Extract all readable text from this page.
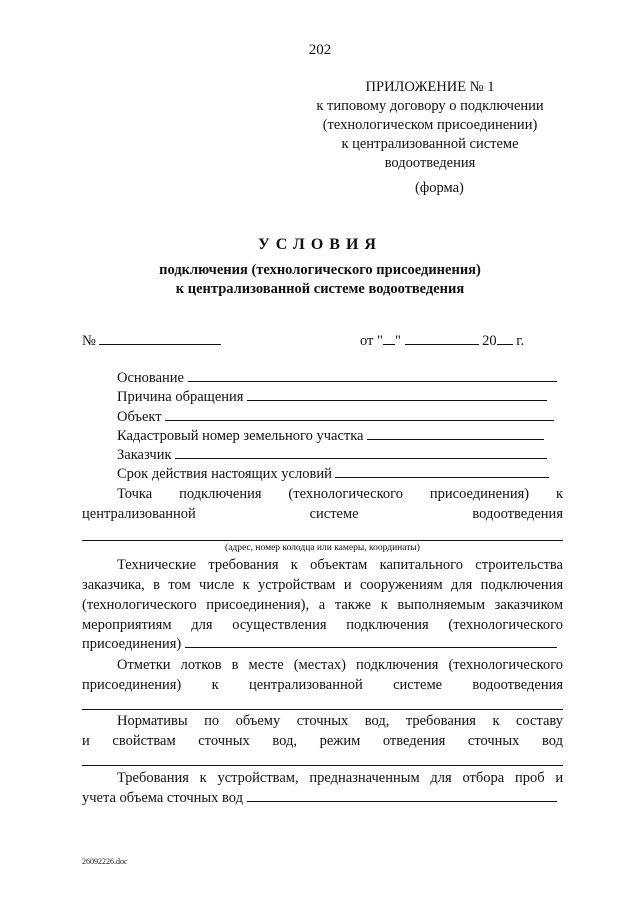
202
ПРИЛОЖЕНИЕ № 1
к типовому договору о подключении
(технологическом присоединении)
к централизованной системе
водоотведения
(форма)
УСЛОВИЯ
подключения (технологического присоединения)
к централизованной системе водоотведения
№	от " "	20 г.
Основание
Причина обращения
Объект
Кадастровый номер земельного участка
Заказчик
Срок действия настоящих условий
Точка подключения (технологического присоединения) к
централизованной	системе	водоотведения
(адрес, номер колодца или камеры, координаты)
Технические требования к объектам капитального строительства
заказчика, в том числе к устройствам и сооружениям для подключения
(технологического присоединения), а также к выполняемым заказчиком
мероприятиям для осуществления подключения (технологического
присоединения)
Отметки лотков в месте (местах) подключения (технологического
присоединения) к централизованной системе водоотведения
Нормативы по объему сточных вод, требования к составу
и свойствам сточных вод, режим отведения сточных вод
Требования к устройствам, предназначенным для отбора проб и
учета объема сточных вод
26092226.doc
